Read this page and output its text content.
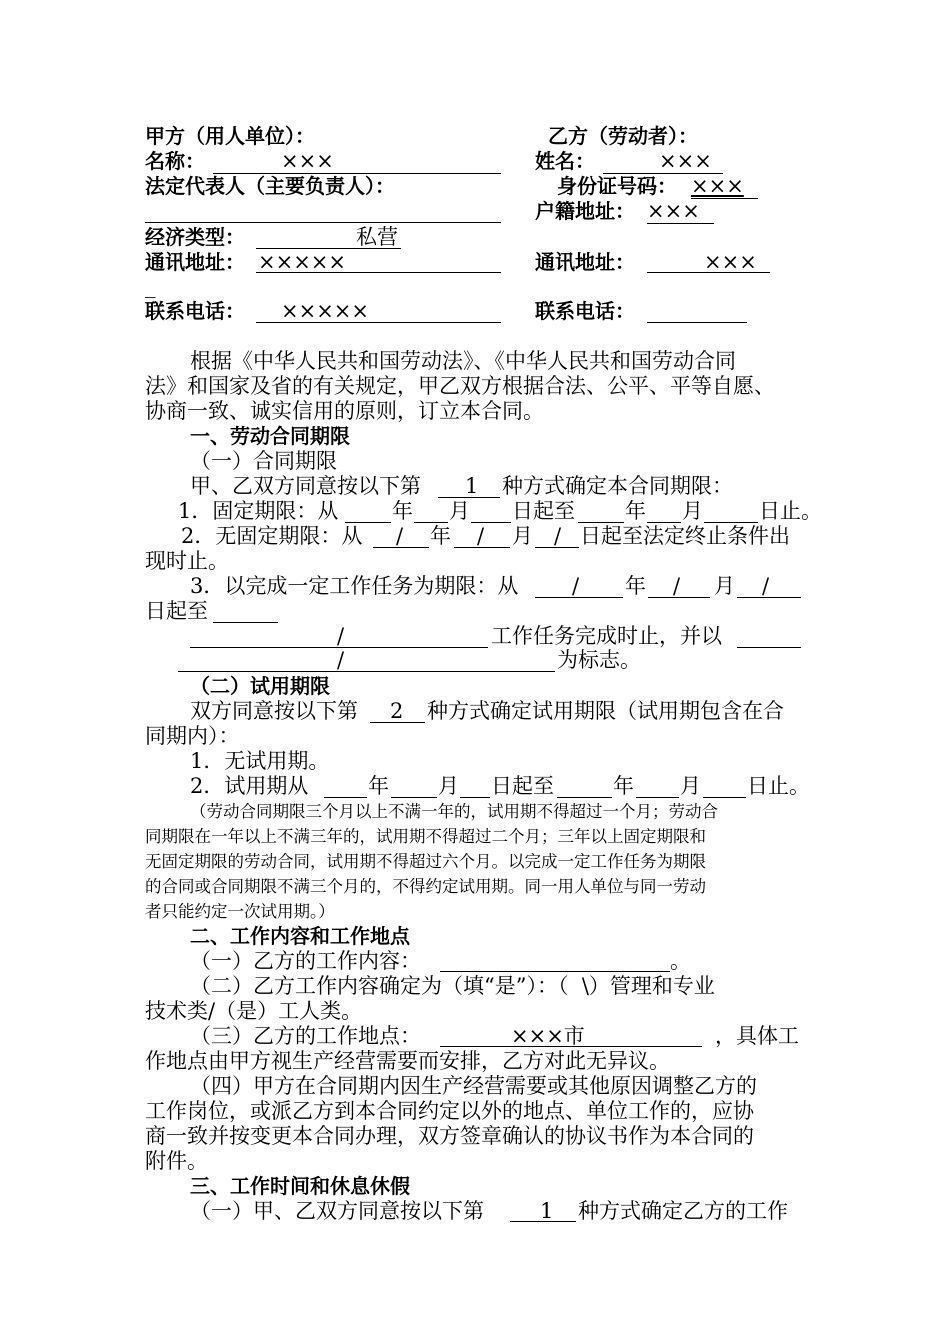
甲方（用人单位）：	乙方（劳动者）：
名称：	×××	姓名：	×××
法定代表人（主要负责人）：	身份证号码： ×××
户籍地址： ×××
经济类型：	私营
通讯地址： ×××××	通讯地址：	×××
_
联系电话： ×××××	联系电话：
根据《中华人民共和国劳动法》、《中华人民共和国劳动合同
法》和国家及省的有关规定，甲乙双方根据合法、公平、平等自愿、
协商一致、诚实信用的原则，订立本合同。
一、劳动合同期限
（一）合同期限
甲、乙双方同意按以下第 1 种方式确定本合同期限：
1．固定期限：从	年 月 日起至 年 月	日止。
2．无固定期限：从 / 年 / 月 / 日起至法定终止条件出
现时止。
3．以完成一定工作任务为期限：从	/ 年 / 月 /
日起至
/	工作任务完成时止，并以
/	为标志。
（二）试用期限
双方同意按以下第 2 种方式确定试用期限（试用期包含在合
同期内）：
1．无试用期。
2．试用期从	年 月 日起至	年 月 日止。
（劳动合同期限三个月以上不满一年的，试用期不得超过一个月；劳动合
同期限在一年以上不满三年的，试用期不得超过二个月；三年以上固定期限和
无固定期限的劳动合同，试用期不得超过六个月。以完成一定工作任务为期限
的合同或合同期限不满三个月的，不得约定试用期。同一用人单位与同一劳动
者只能约定一次试用期。）
二、工作内容和工作地点
（一）乙方的工作内容：	。
（二）乙方工作内容确定为（填“是”）：（  \）管理和专业
技术类/（是）工人类。
（三）乙方的工作地点：	×××市	，具体工
作地点由甲方视生产经营需要而安排，乙方对此无异议。
（四）甲方在合同期内因生产经营需要或其他原因调整乙方的
工作岗位，或派乙方到本合同约定以外的地点、单位工作的，应协
商一致并按变更本合同办理，双方签章确认的协议书作为本合同的
附件。
三、工作时间和休息休假
（一）甲、乙双方同意按以下第	1 种方式确定乙方的工作
